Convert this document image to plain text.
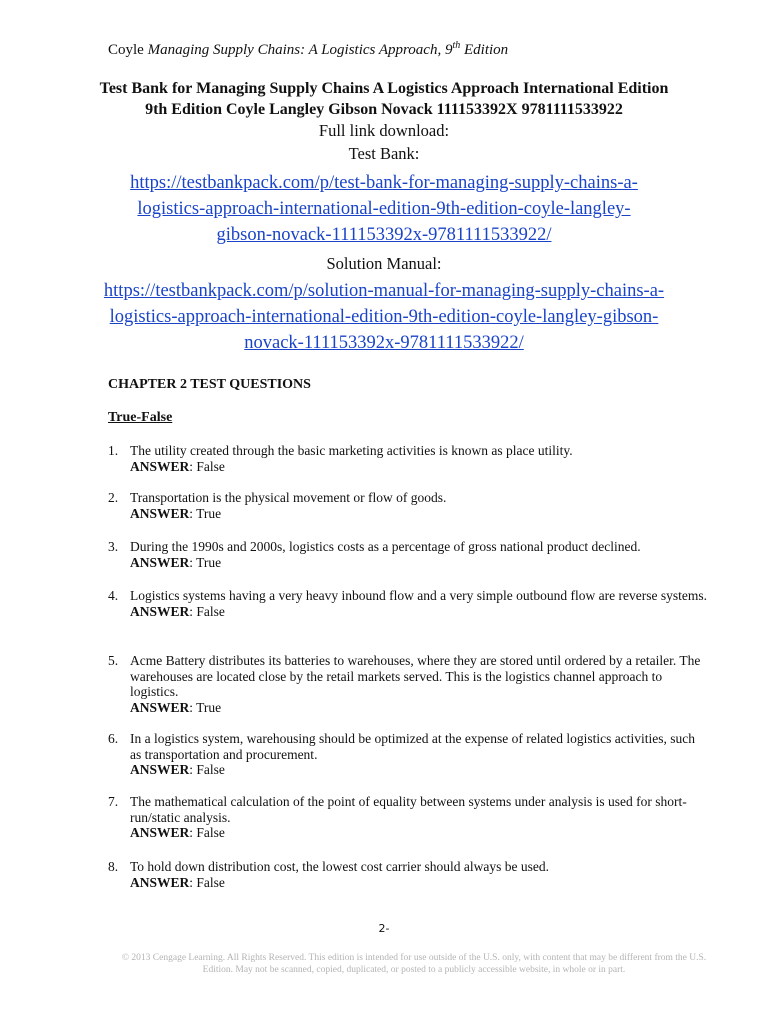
Coyle Managing Supply Chains: A Logistics Approach, 9th Edition
Test Bank for Managing Supply Chains A Logistics Approach International Edition
9th Edition Coyle Langley Gibson Novack 111153392X 9781111533922
Full link download:
Test Bank:
https://testbankpack.com/p/test-bank-for-managing-supply-chains-a-
logistics-approach-international-edition-9th-edition-coyle-langley-
gibson-novack-111153392x-9781111533922/
Solution Manual:
https://testbankpack.com/p/solution-manual-for-managing-supply-chains-a-
logistics-approach-international-edition-9th-edition-coyle-langley-gibson-
novack-111153392x-9781111533922/
CHAPTER 2 TEST QUESTIONS
True-False
1. The utility created through the basic marketing activities is known as place utility.
ANSWER: False
2. Transportation is the physical movement or flow of goods.
ANSWER: True
3. During the 1990s and 2000s, logistics costs as a percentage of gross national product declined.
ANSWER: True
4. Logistics systems having a very heavy inbound flow and a very simple outbound flow are reverse systems.
ANSWER: False
5. Acme Battery distributes its batteries to warehouses, where they are stored until ordered by a retailer. The warehouses are located close by the retail markets served. This is the logistics channel approach to logistics.
ANSWER: True
6. In a logistics system, warehousing should be optimized at the expense of related logistics activities, such as transportation and procurement.
ANSWER: False
7. The mathematical calculation of the point of equality between systems under analysis is used for short-run/static analysis.
ANSWER: False
8. To hold down distribution cost, the lowest cost carrier should always be used.
ANSWER: False
2-
© 2013 Cengage Learning. All Rights Reserved. This edition is intended for use outside of the U.S. only, with content that may be different from the U.S. Edition. May not be scanned, copied, duplicated, or posted to a publicly accessible website, in whole or in part.
